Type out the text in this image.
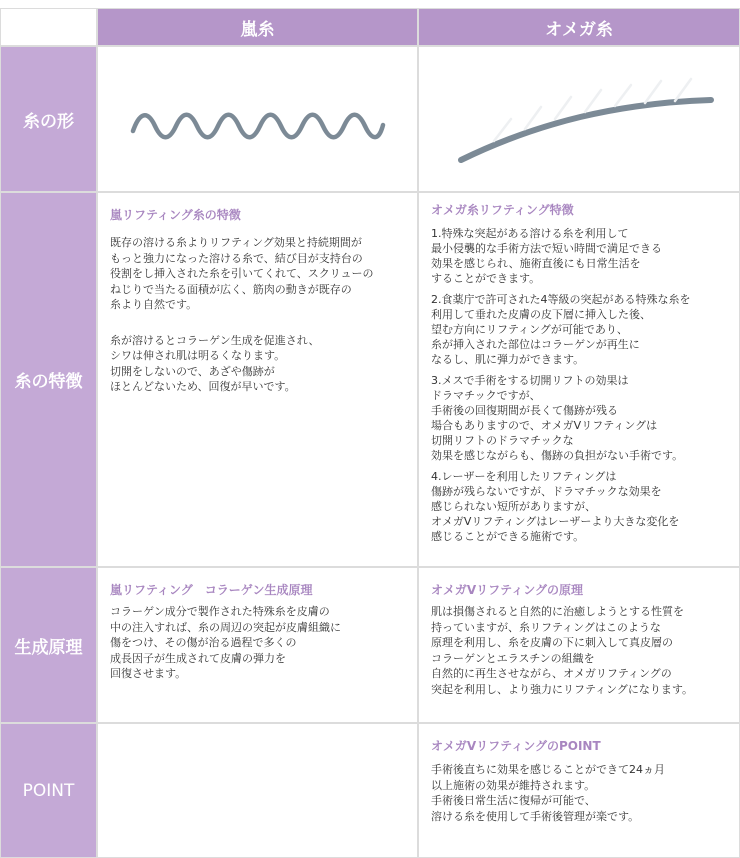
嵐糸	オメガ糸
糸の形
糸の特徴
嵐リフティング糸の特徴
既存の溶ける糸よりリフティング効果と持続期間が
もっと強力になった溶ける糸で、結び目が支持台の
役割をし挿入された糸を引いてくれて、スクリューの
ねじりで当たる面積が広く、筋肉の動きが既存の
糸より自然です。
糸が溶けるとコラーゲン生成を促進され、
シワは伸され肌は明るくなります。
切開をしないので、あざや傷跡が
ほとんどないため、回復が早いです。
オメガ糸リフティング特徴
1.特殊な突起がある溶ける糸を利用して
最小侵襲的な手術方法で短い時間で満足できる
効果を感じられ、施術直後にも日常生活を
することができます。
2.食薬庁で許可された4等級の突起がある特殊な糸を
利用して垂れた皮膚の皮下層に挿入した後、
望む方向にリフティングが可能であり、
糸が挿入された部位はコラーゲンが再生に
なるし、肌に弾力ができます。
3.メスで手術をする切開リフトの効果は
ドラマチックですが、
手術後の回復期間が長くて傷跡が残る
場合もありますので、オメガVリフティングは
切開リフトのドラマチックな
効果を感じながらも、傷跡の負担がない手術です。
4.レーザーを利用したリフティングは
傷跡が残らないですが、ドラマチックな効果を
感じられない短所がありますが、
オメガVリフティングはレーザーより大きな変化を
感じることができる施術です。
生成原理
嵐リフティング　コラーゲン生成原理
コラーゲン成分で製作された特殊糸を皮膚の
中の注入すれば、糸の周辺の突起が皮膚組織に
傷をつけ、その傷が治る過程で多くの
成長因子が生成されて皮膚の弾力を
回復させます。
オメガVリフティングの原理
肌は損傷されると自然的に治癒しようとする性質を
持っていますが、糸リフティングはこのような
原理を利用し、糸を皮膚の下に刺入して真皮層の
コラーゲンとエラスチンの組織を
自然的に再生させながら、オメガリフティングの
突起を利用し、より強力にリフティングになります。
POINT
オメガVリフティングのPOINT
手術後直ちに効果を感じることができて24ヵ月
以上施術の効果が維持されます。
手術後日常生活に復帰が可能で、
溶ける糸を使用して手術後管理が楽です。
